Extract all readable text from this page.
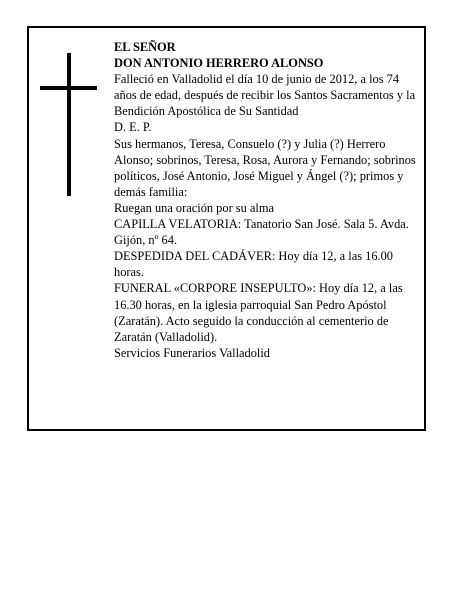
EL SEÑOR

DON ANTONIO HERRERO ALONSO

Falleció en Valladolid el día 10 de junio de 2012, a los 74 años de edad, después de recibir los Santos Sacramentos y la Bendición Apostólica de Su Santidad

D. E. P.

Sus hermanos, Teresa, Consuelo (?) y Julia (?) Herrero Alonso; sobrinos, Teresa, Rosa, Aurora y Fernando; sobrinos políticos, José Antonio, José Miguel y Ángel (?); primos y demás familia:

Ruegan una oración por su alma

CAPILLA VELATORIA: Tanatorio San José. Sala 5. Avda. Gijón, nº 64.

DESPEDIDA DEL CADÁVER: Hoy día 12, a las 16.00 horas.

FUNERAL «CORPORE INSEPULTO»: Hoy día 12, a las 16.30 horas, en la iglesia parroquial San Pedro Apóstol (Zaratán). Acto seguido la conducción al cementerio de Zaratán (Valladolid).

Servicios Funerarios Valladolid
